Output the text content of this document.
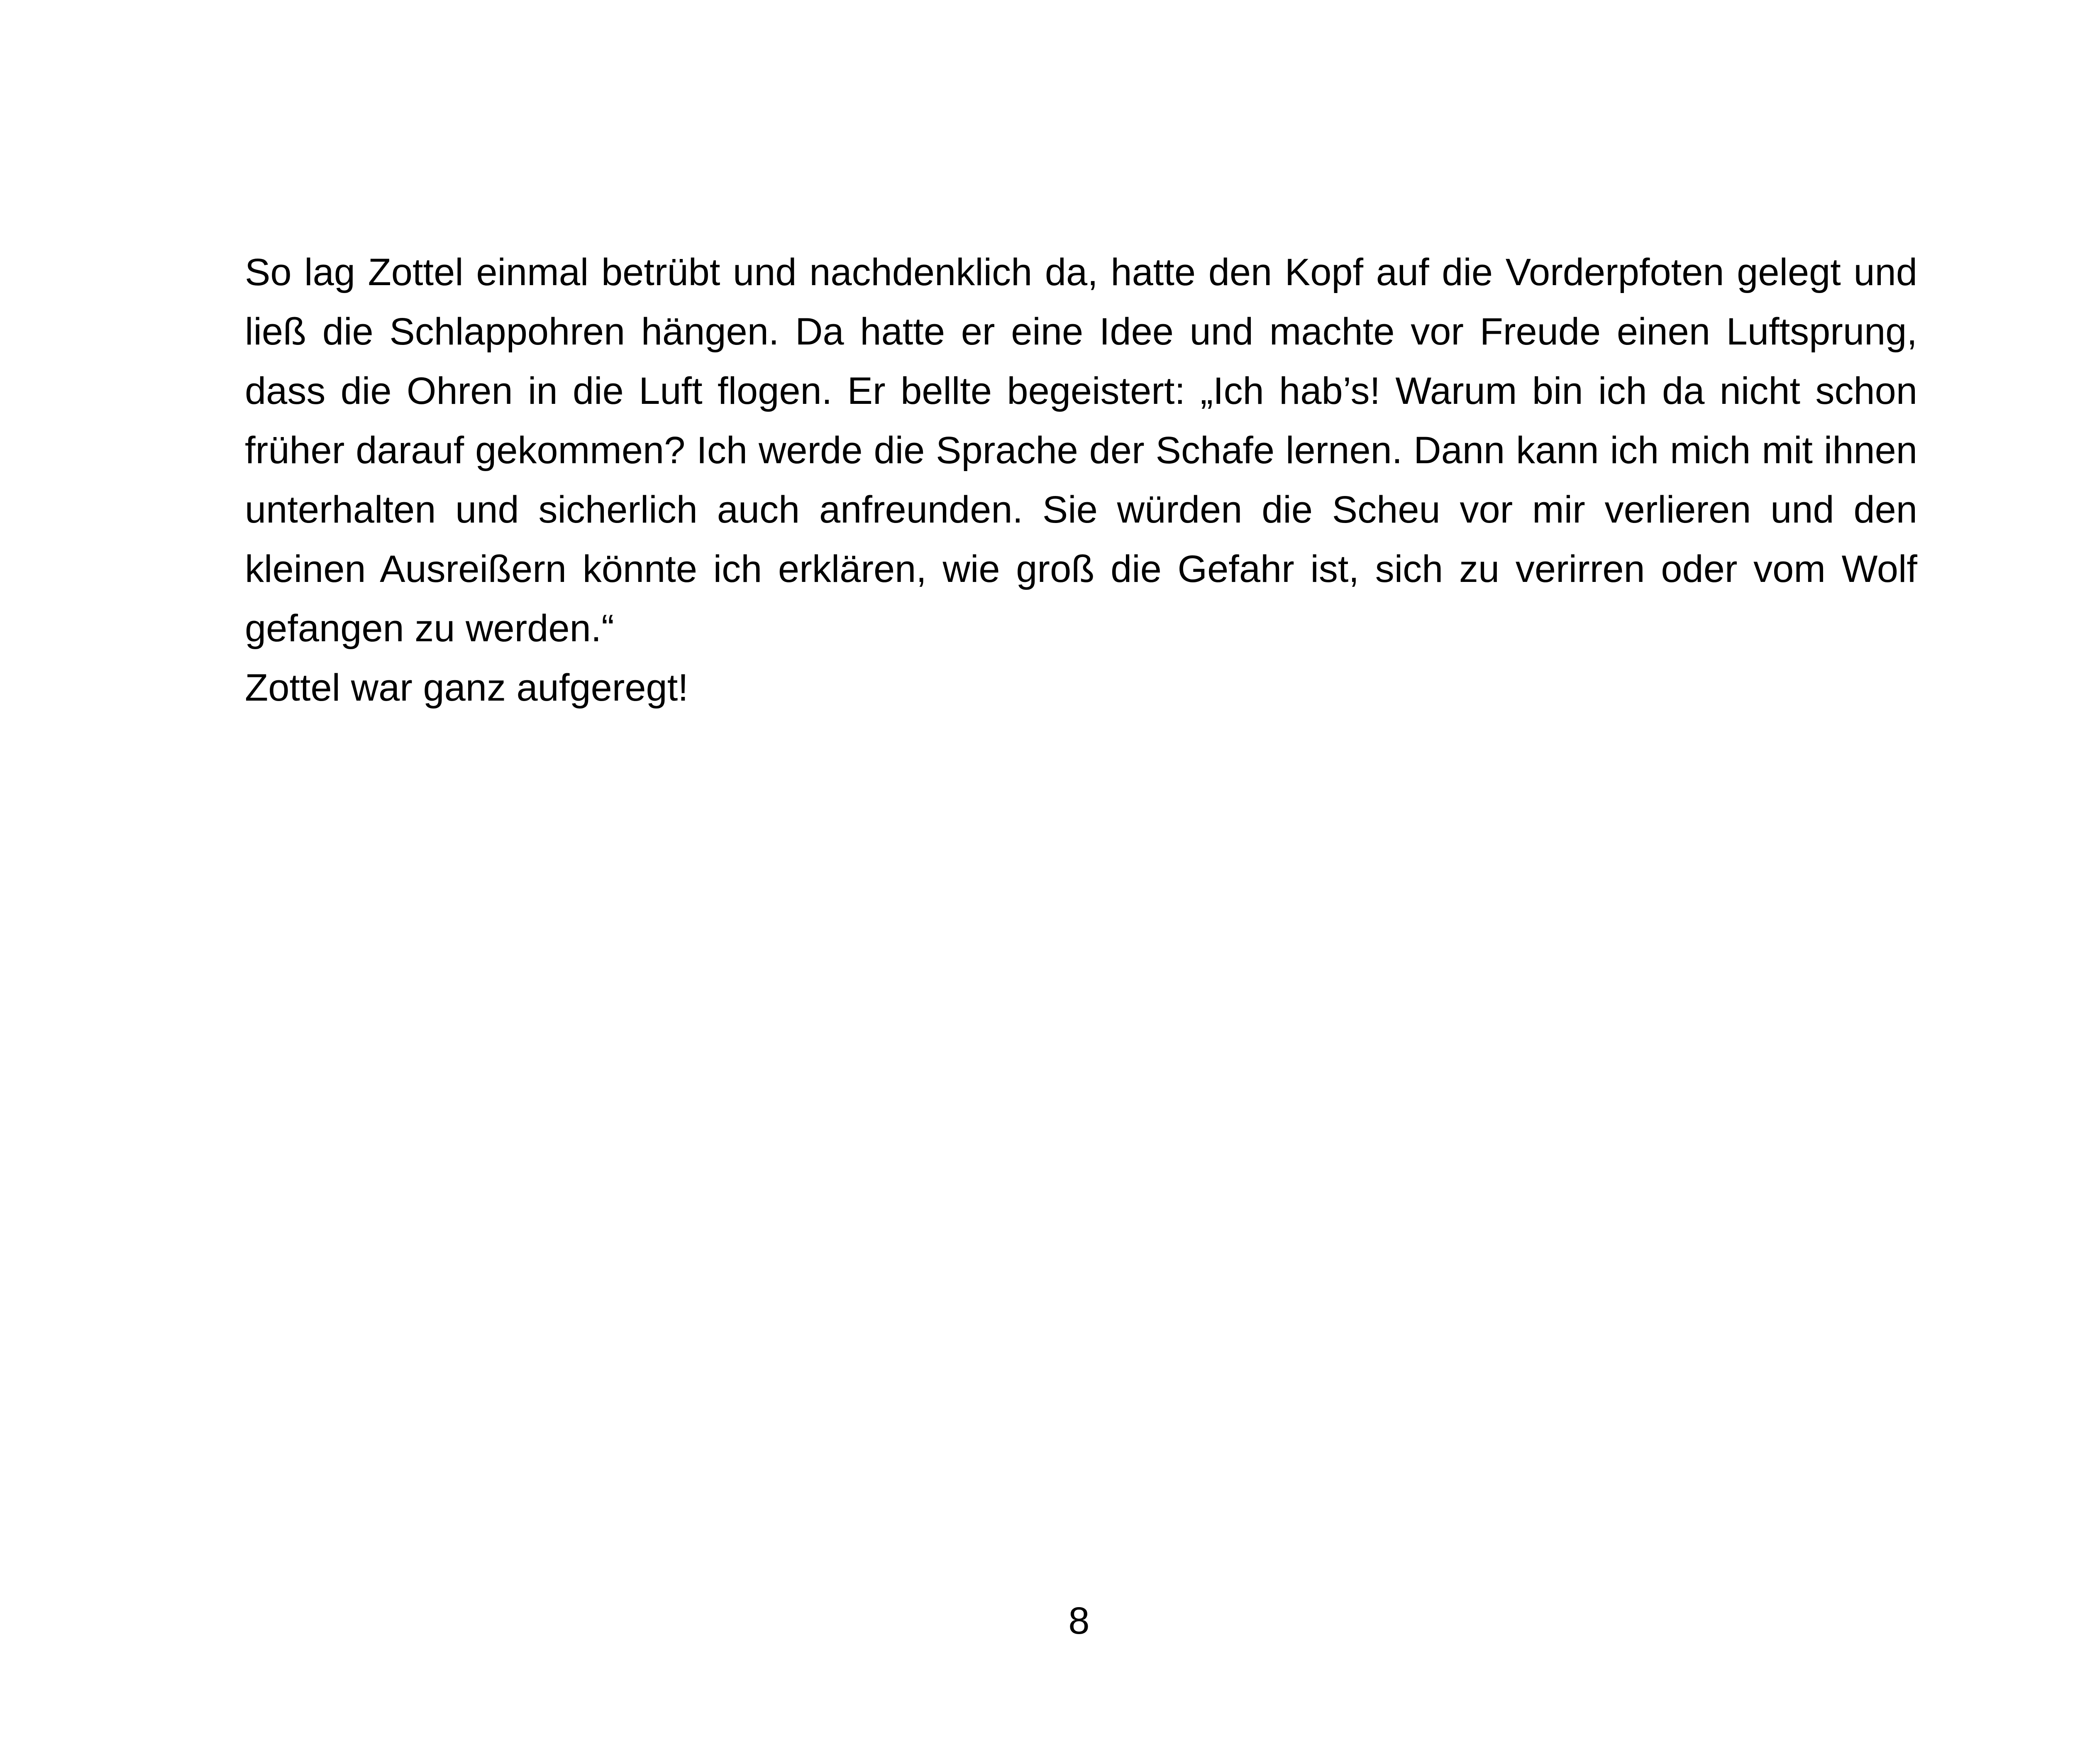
So lag Zottel einmal betrübt und nachdenklich da, hatte den Kopf auf die Vorderpfoten gelegt und ließ die Schlappohren hängen. Da hatte er eine Idee und machte vor Freude einen Luftsprung, dass die Ohren in die Luft flogen. Er bellte begeistert: „Ich hab’s! Warum bin ich da nicht schon früher darauf gekommen? Ich werde die Sprache der Schafe lernen. Dann kann ich mich mit ihnen unterhalten und sicherlich auch anfreunden. Sie würden die Scheu vor mir verlieren und den kleinen Ausreißern könnte ich erklären, wie groß die Gefahr ist, sich zu verirren oder vom Wolf gefangen zu werden.“

Zottel war ganz aufgeregt!

8
